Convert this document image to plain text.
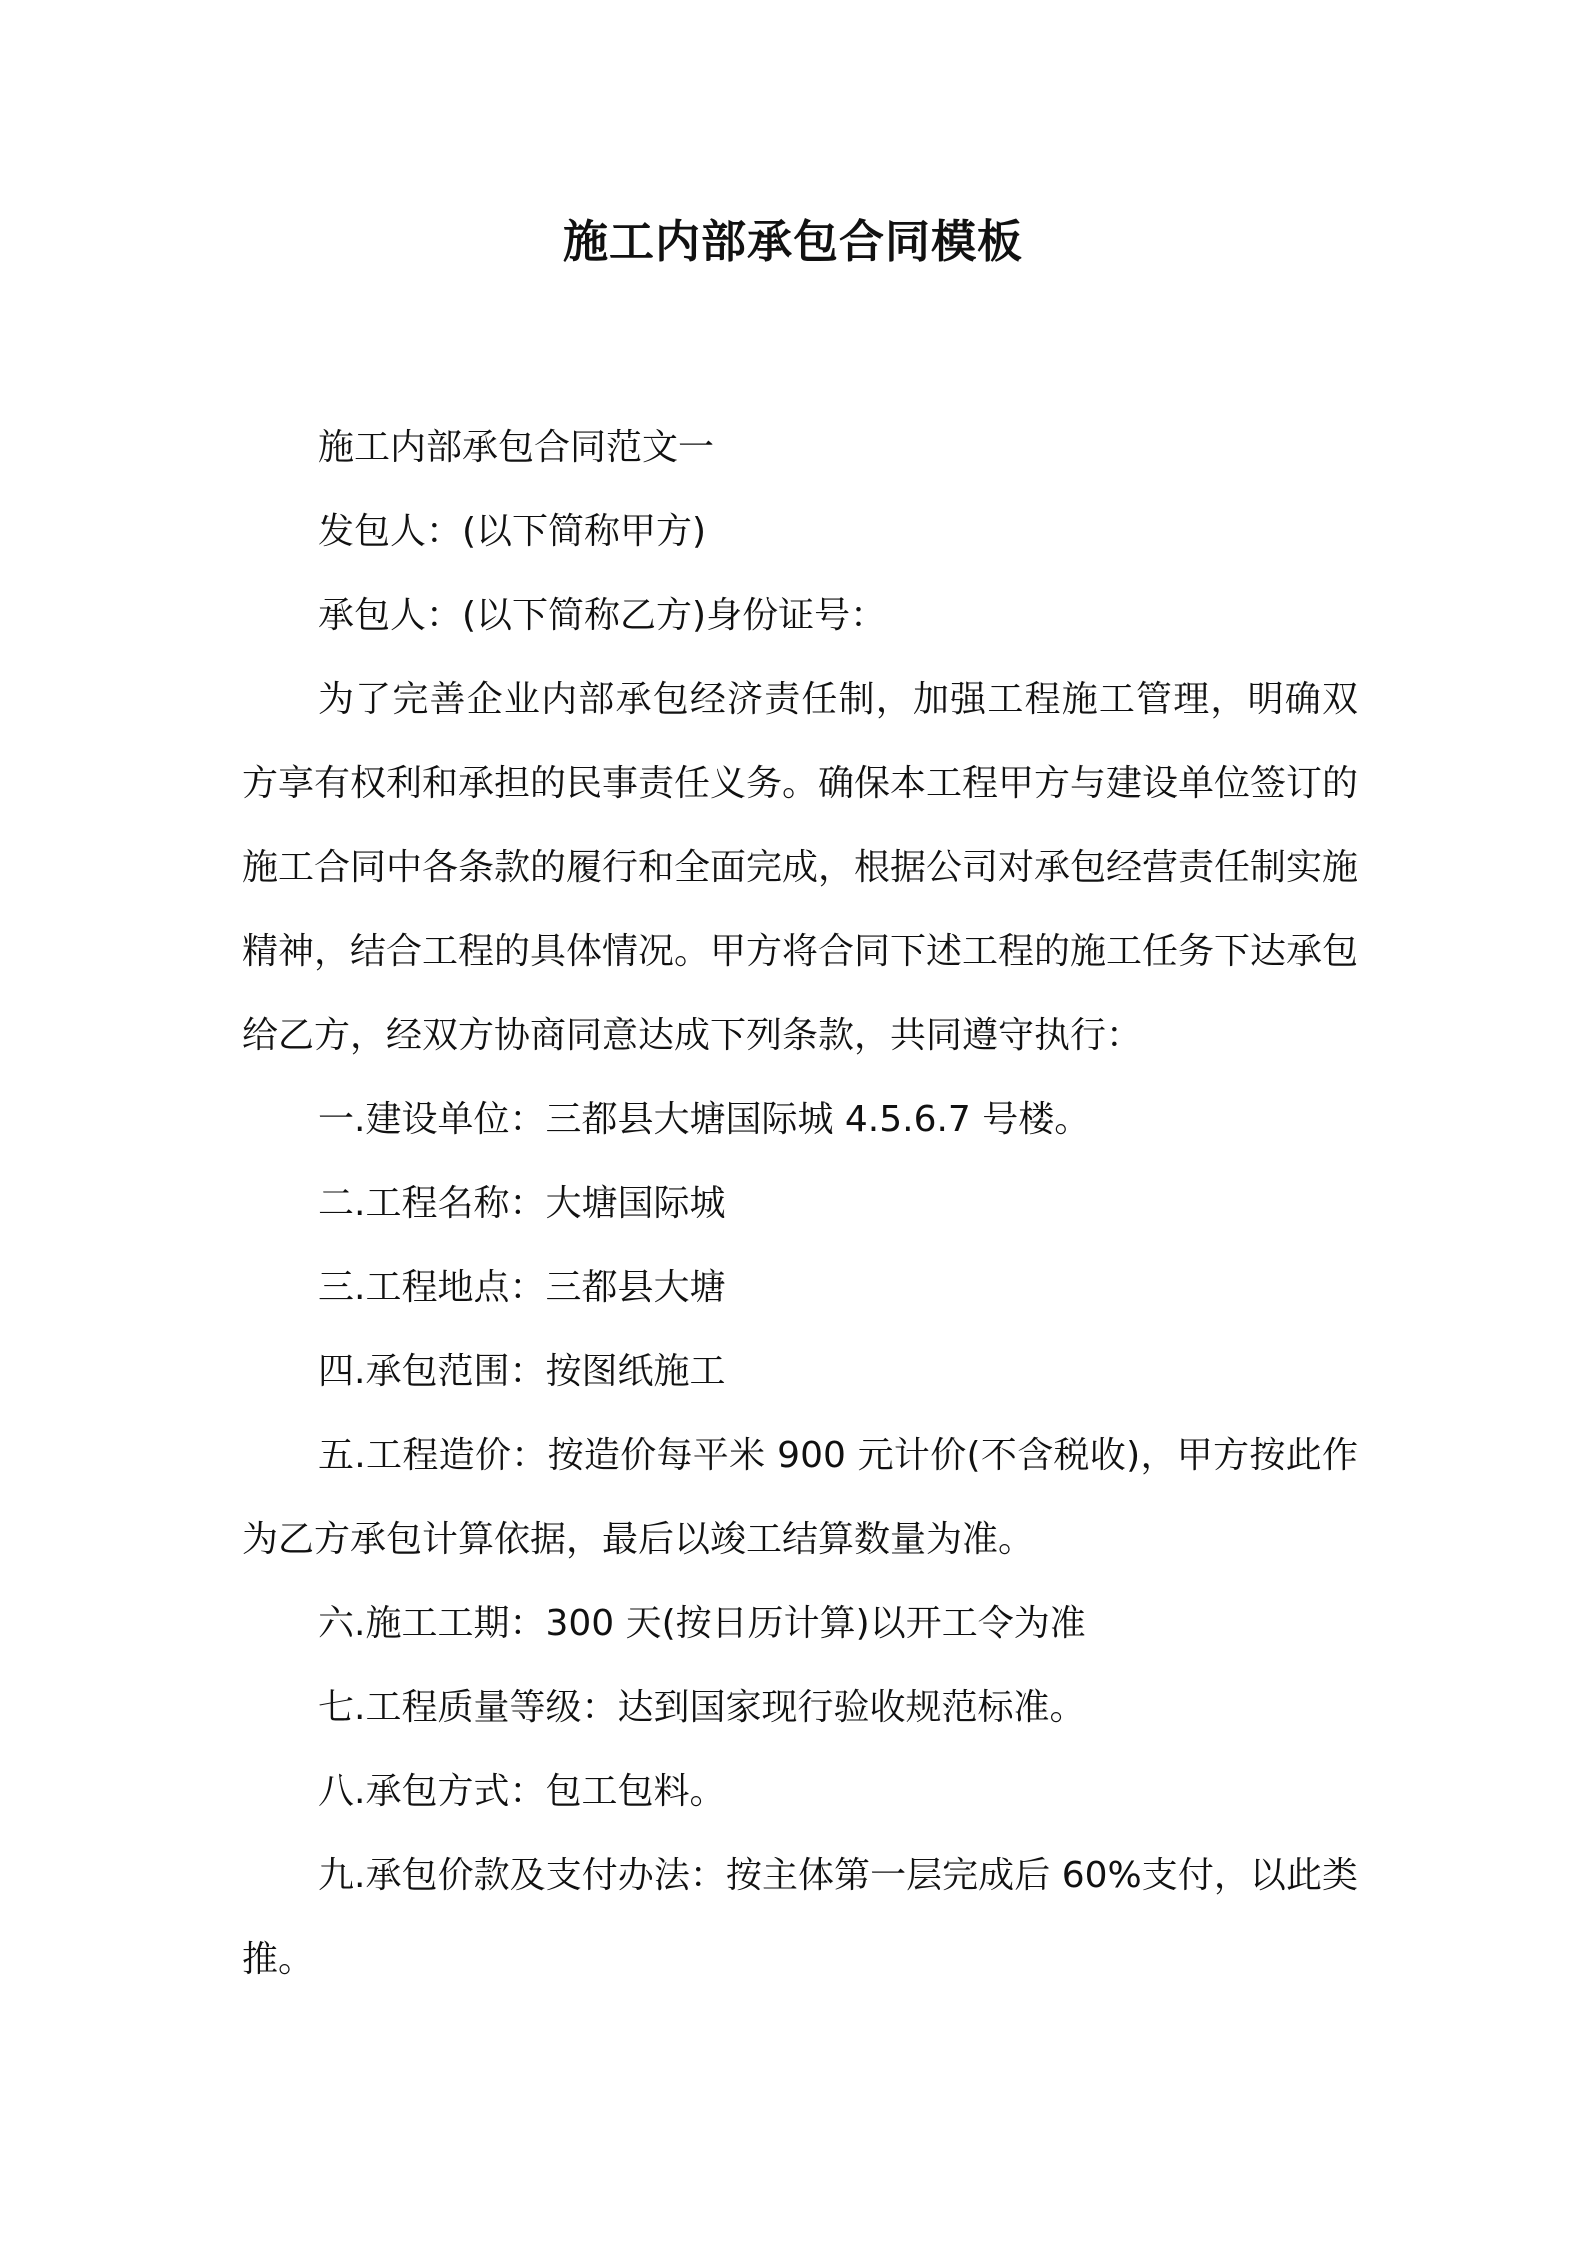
施工内部承包合同模板

施工内部承包合同范文一

发包人：(以下简称甲方)

承包人：(以下简称乙方)身份证号：

为了完善企业内部承包经济责任制，加强工程施工管理，明确双方享有权利和承担的民事责任义务。确保本工程甲方与建设单位签订的施工合同中各条款的履行和全面完成，根据公司对承包经营责任制实施精神，结合工程的具体情况。甲方将合同下述工程的施工任务下达承包给乙方，经双方协商同意达成下列条款，共同遵守执行：

一.建设单位：三都县大塘国际城 4.5.6.7 号楼。

二.工程名称：大塘国际城

三.工程地点：三都县大塘

四.承包范围：按图纸施工

五.工程造价：按造价每平米 900 元计价(不含税收)，甲方按此作为乙方承包计算依据，最后以竣工结算数量为准。

六.施工工期：300 天(按日历计算)以开工令为准

七.工程质量等级：达到国家现行验收规范标准。

八.承包方式：包工包料。

九.承包价款及支付办法：按主体第一层完成后 60%支付，以此类推。
